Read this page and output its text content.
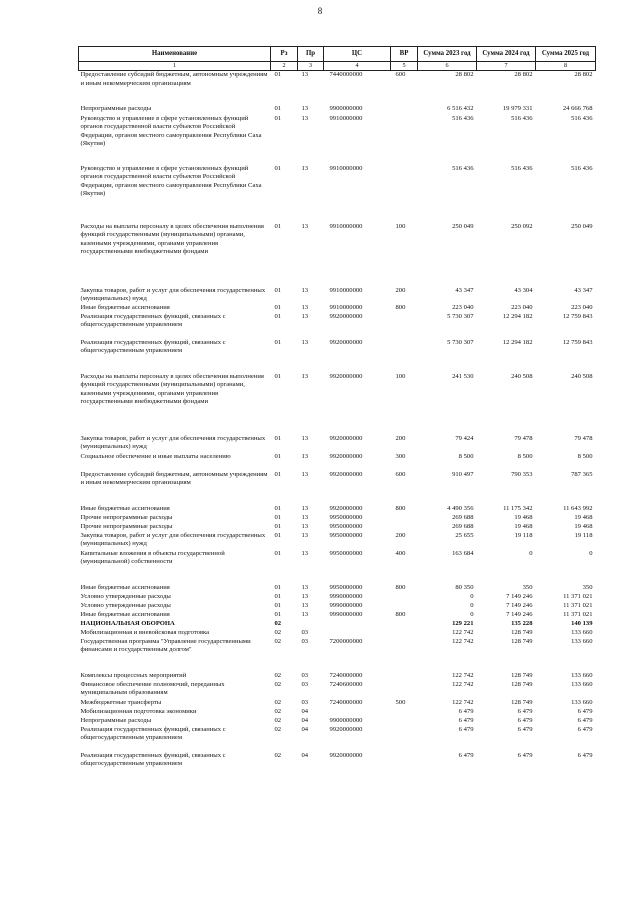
8
Наименование	Рз	Пр	ЦС	ВР	Сумма 2023 год	Сумма 2024 год	Сумма 2025 год
1	2	3	4	5	6	7	8
Предоставление субсидий бюджетным, автономным учреждениям и иным некоммерческим организациям	01	13	7440000000	600	28 802	28 802	28 802
Непрограммные расходы	01	13	9900000000		6 516 432	19 979 331	24 666 768
Руководство и управление в сфере установленных функций органов государственной власти субъектов Российской Федерации, органов местного самоуправления Республики Саха (Якутия)	01	13	9910000000		516 436	516 436	516 436
Руководство и управление в сфере установленных функций органов государственной власти субъектов Российской Федерации, органов местного самоуправления Республики Саха (Якутия)	01	13	9910000000		516 436	516 436	516 436
Расходы на выплаты персоналу в целях обеспечения выполнения функций государственными (муниципальными) органами, казенными учреждениями, органами управления государственными внебюджетными фондами	01	13	9910000000	100	250 049	250 092	250 049
Закупка товаров, работ и услуг для обеспечения государственных (муниципальных) нужд	01	13	9910000000	200	43 347	43 304	43 347
Иные бюджетные ассигнования	01	13	9910000000	800	223 040	223 040	223 040
Реализация государственных функций, связанных с общегосударственным управлением	01	13	9920000000		5 730 307	12 294 182	12 759 843
Реализация государственных функций, связанных с общегосударственным управлением	01	13	9920000000		5 730 307	12 294 182	12 759 843
Расходы на выплаты персоналу в целях обеспечения выполнения функций государственными (муниципальными) органами, казенными учреждениями, органами управления государственными внебюджетными фондами	01	13	9920000000	100	241 530	240 508	240 508
Закупка товаров, работ и услуг для обеспечения государственных (муниципальных) нужд	01	13	9920000000	200	79 424	79 478	79 478
Социальное обеспечение и иные выплаты населению	01	13	9920000000	300	8 500	8 500	8 500
Предоставление субсидий бюджетным, автономным учреждениям и иным некоммерческим организациям	01	13	9920000000	600	910 497	790 353	787 365
Иные бюджетные ассигнования	01	13	9920000000	800	4 490 356	11 175 342	11 643 992
Прочие непрограммные расходы	01	13	9950000000		269 688	19 468	19 468
Прочие непрограммные расходы	01	13	9950000000		269 688	19 468	19 468
Закупка товаров, работ и услуг для обеспечения государственных (муниципальных) нужд	01	13	9950000000	200	25 655	19 118	19 118
Капитальные вложения в объекты государственной (муниципальной) собственности	01	13	9950000000	400	163 684	0	0
Иные бюджетные ассигнования	01	13	9950000000	800	80 350	350	350
Условно утвержденные расходы	01	13	9990000000		0	7 149 246	11 371 021
Условно утвержденные расходы	01	13	9990000000		0	7 149 246	11 371 021
Иные бюджетные ассигнования	01	13	9990000000	800	0	7 149 246	11 371 021
НАЦИОНАЛЬНАЯ ОБОРОНА	02				129 221	135 228	140 139
Мобилизационная и вневойсковая подготовка	02	03			122 742	128 749	133 660
Государственная программа "Управление государственными финансами и государственным долгом"	02	03	7200000000		122 742	128 749	133 660
Комплексы процессных мероприятий	02	03	7240000000		122 742	128 749	133 660
Финансовое обеспечение полномочий, переданных муниципальным образованиям	02	03	7240600000		122 742	128 749	133 660
Межбюджетные трансферты	02	03	7240000000	500	122 742	128 749	133 660
Мобилизационная подготовка экономики	02	04			6 479	6 479	6 479
Непрограммные расходы	02	04	9900000000		6 479	6 479	6 479
Реализация государственных функций, связанных с общегосударственным управлением	02	04	9920000000		6 479	6 479	6 479
Реализация государственных функций, связанных с общегосударственным управлением	02	04	9920000000		6 479	6 479	6 479
